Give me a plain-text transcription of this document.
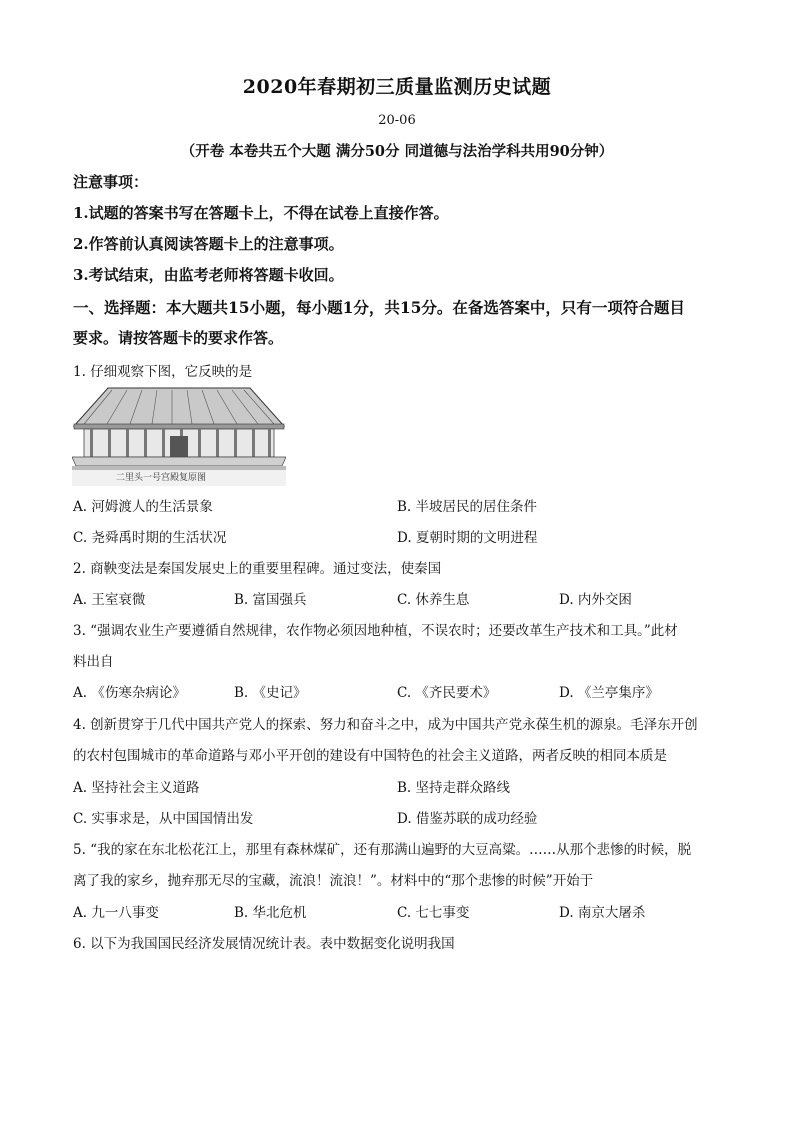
2020年春期初三质量监测历史试题
20-06
（开卷 本卷共五个大题 满分50分 同道德与法治学科共用90分钟）
注意事项：
1.试题的答案书写在答题卡上，不得在试卷上直接作答。
2.作答前认真阅读答题卡上的注意事项。
3.考试结束，由监考老师将答题卡收回。
一、选择题：本大题共15小题，每小题1分，共15分。在备选答案中，只有一项符合题目
要求。请按答题卡的要求作答。
1. 仔细观察下图，它反映的是
二里头一号宫殿复原图
A. 河姆渡人的生活景象	B. 半坡居民的居住条件
C. 尧舜禹时期的生活状况	D. 夏朝时期的文明进程
2. 商鞅变法是秦国发展史上的重要里程碑。通过变法，使秦国
A. 王室衰微	B. 富国强兵	C. 休养生息	D. 内外交困
3. “强调农业生产要遵循自然规律，农作物必须因地种植，不误农时；还要改革生产技术和工具。”此材
料出自
A. 《伤寒杂病论》	B. 《史记》	C. 《齐民要术》	D. 《兰亭集序》
4. 创新贯穿于几代中国共产党人的探索、努力和奋斗之中，成为中国共产党永葆生机的源泉。毛泽东开创
的农村包围城市的革命道路与邓小平开创的建设有中国特色的社会主义道路，两者反映的相同本质是
A. 坚持社会主义道路	B. 坚持走群众路线
C. 实事求是，从中国国情出发	D. 借鉴苏联的成功经验
5. “我的家在东北松花江上，那里有森林煤矿，还有那满山遍野的大豆高粱。……从那个悲惨的时候，脱
离了我的家乡，抛弃那无尽的宝藏，流浪！流浪！”。材料中的“那个悲惨的时候”开始于
A. 九一八事变	B. 华北危机	C. 七七事变	D. 南京大屠杀
6. 以下为我国国民经济发展情况统计表。表中数据变化说明我国
